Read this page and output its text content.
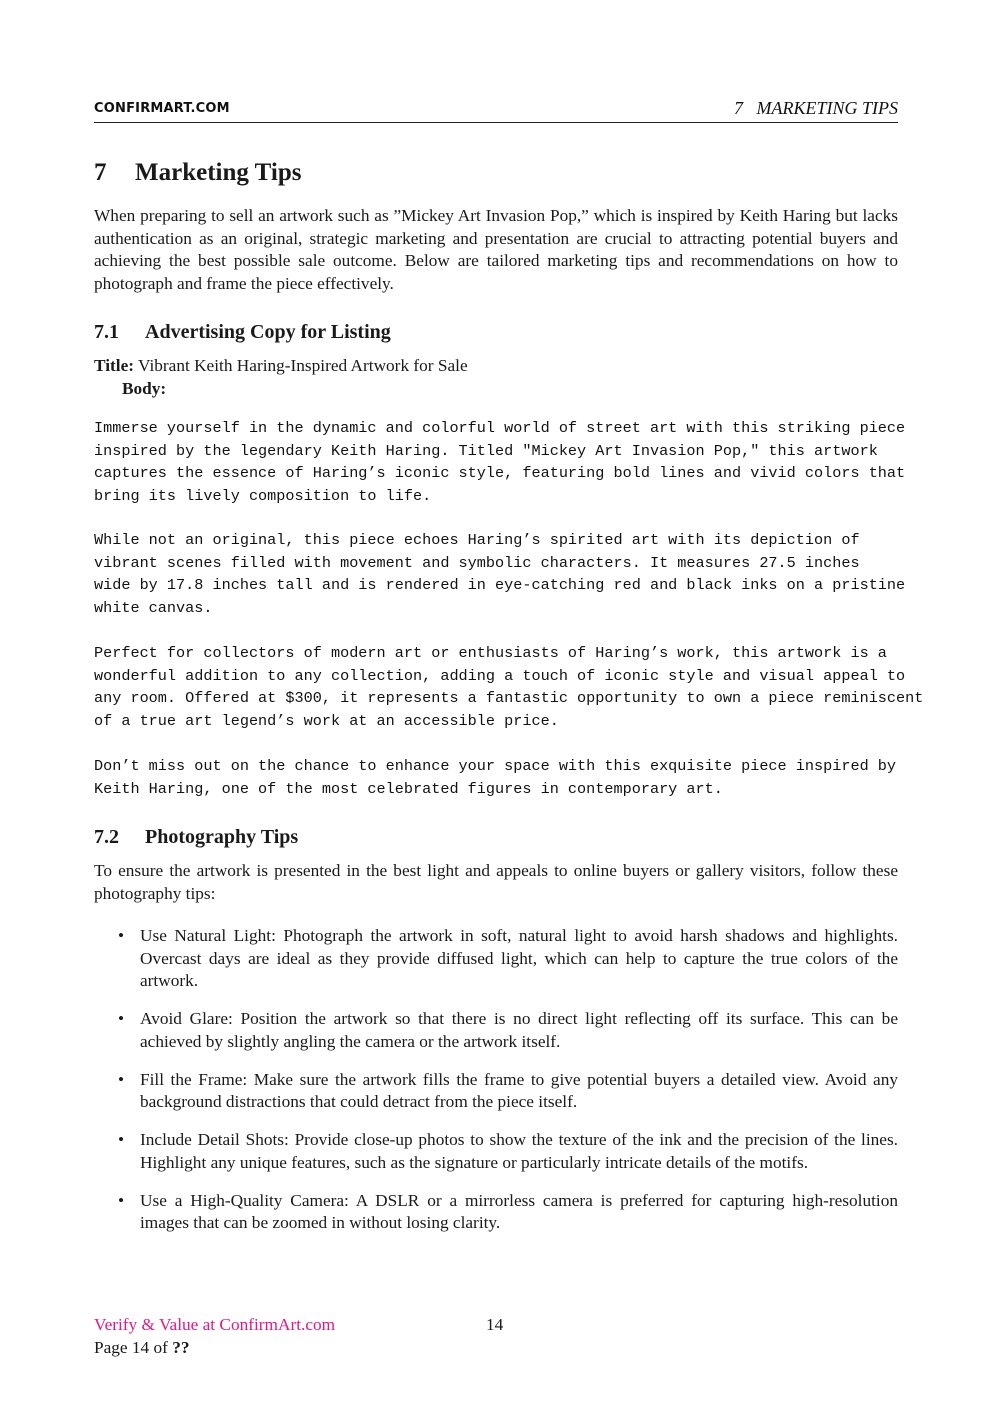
CONFIRMART.COM	7   MARKETING TIPS
7 Marketing Tips

When preparing to sell an artwork such as ”Mickey Art Invasion Pop,” which is inspired by Keith Haring but lacks authentication as an original, strategic marketing and presentation are crucial to attracting potential buyers and achieving the best possible sale outcome. Below are tailored marketing tips and recommendations on how to photograph and frame the piece effectively.

7.1 Advertising Copy for Listing
Title: Vibrant Keith Haring-Inspired Artwork for Sale
Body:
Immerse yourself in the dynamic and colorful world of street art with this striking piece
inspired by the legendary Keith Haring. Titled "Mickey Art Invasion Pop," this artwork
captures the essence of Haring’s iconic style, featuring bold lines and vivid colors that
bring its lively composition to life.
While not an original, this piece echoes Haring’s spirited art with its depiction of
vibrant scenes filled with movement and symbolic characters. It measures 27.5 inches
wide by 17.8 inches tall and is rendered in eye-catching red and black inks on a pristine
white canvas.
Perfect for collectors of modern art or enthusiasts of Haring’s work, this artwork is a
wonderful addition to any collection, adding a touch of iconic style and visual appeal to
any room. Offered at $300, it represents a fantastic opportunity to own a piece reminiscent
of a true art legend’s work at an accessible price.
Don’t miss out on the chance to enhance your space with this exquisite piece inspired by
Keith Haring, one of the most celebrated figures in contemporary art.
7.2 Photography Tips

To ensure the artwork is presented in the best light and appeals to online buyers or gallery visitors, follow these photography tips:

• Use Natural Light: Photograph the artwork in soft, natural light to avoid harsh shadows and highlights. Overcast days are ideal as they provide diffused light, which can help to capture the true colors of the artwork.
• Avoid Glare: Position the artwork so that there is no direct light reflecting off its surface. This can be achieved by slightly angling the camera or the artwork itself.
• Fill the Frame: Make sure the artwork fills the frame to give potential buyers a detailed view. Avoid any background distractions that could detract from the piece itself.
• Include Detail Shots: Provide close-up photos to show the texture of the ink and the precision of the lines. Highlight any unique features, such as the signature or particularly intricate details of the motifs.
• Use a High-Quality Camera: A DSLR or a mirrorless camera is preferred for capturing high-resolution images that can be zoomed in without losing clarity.
Verify & Value at ConfirmArt.com	14
Page 14 of ??
